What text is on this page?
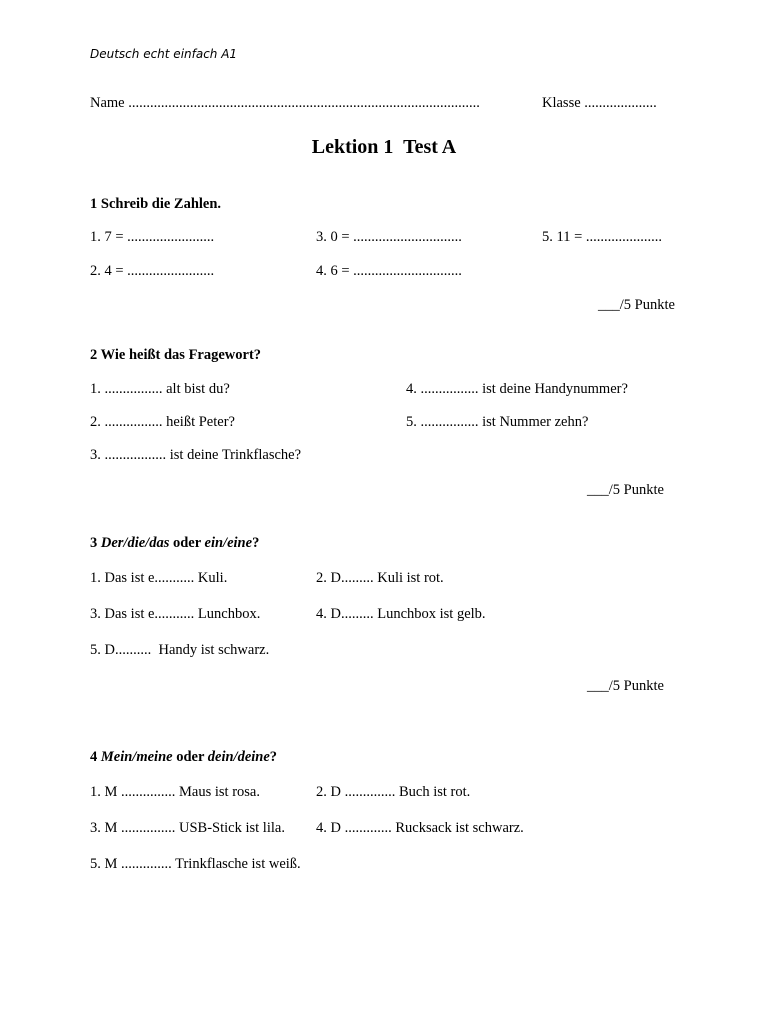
Deutsch echt einfach A1
Name .................................................................................................	Klasse ....................
Lektion 1  Test A
1 Schreib die Zahlen.
1. 7 = ........................	3. 0 = ..............................	5. 11 = .....................
2. 4 = ........................	4. 6 = ..............................
___/5 Punkte
2 Wie heißt das Fragewort?
1. ................ alt bist du?	4. ................ ist deine Handynummer?
2. ................ heißt Peter?	5. ................ ist Nummer zehn?
3. ................. ist deine Trinkflasche?
___/5 Punkte
3 Der/die/das oder ein/eine?
1. Das ist e........... Kuli.	2. D......... Kuli ist rot.
3. Das ist e........... Lunchbox.	4. D......... Lunchbox ist gelb.
5. D..........  Handy ist schwarz.
___/5 Punkte
4 Mein/meine oder dein/deine?
1. M ............... Maus ist rosa.	2. D .............. Buch ist rot.
3. M ............... USB-Stick ist lila. 4. D ............. Rucksack ist schwarz.
5. M .............. Trinkflasche ist weiß.
